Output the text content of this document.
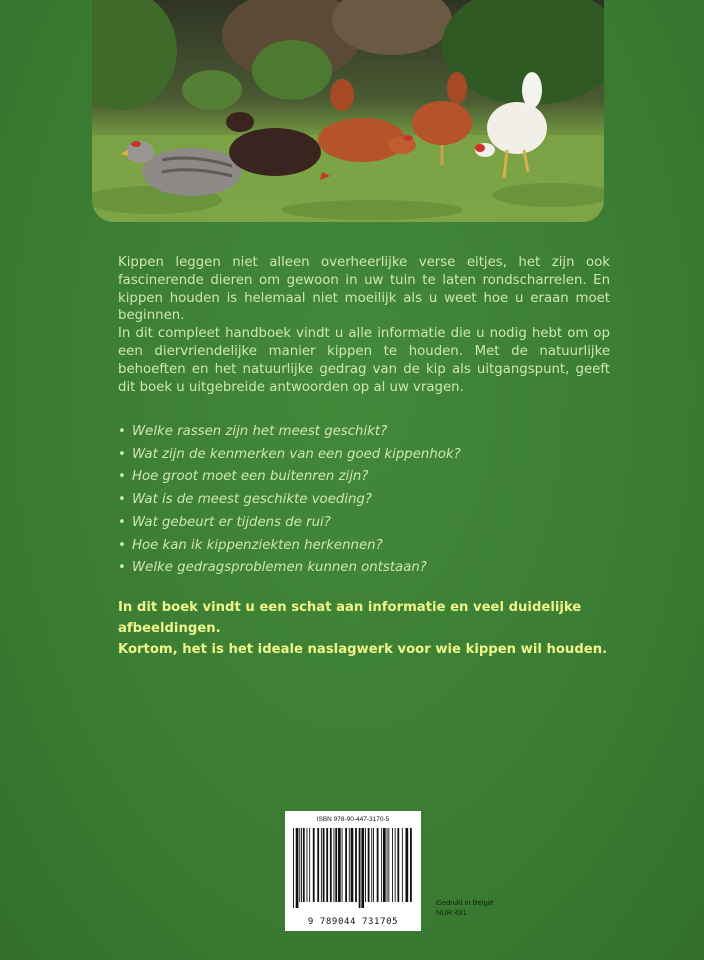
Kippen leggen niet alleen overheerlijke verse eitjes, het zijn ook fascinerende dieren om gewoon in uw tuin te laten rondscharrelen. En kippen houden is helemaal niet moeilijk als u weet hoe u eraan moet beginnen.

In dit compleet handboek vindt u alle informatie die u nodig hebt om op een diervriendelijke manier kippen te houden. Met de natuurlijke behoeften en het natuurlijke gedrag van de kip als uitgangspunt, geeft dit boek u uitgebreide antwoorden op al uw vragen.

• Welke rassen zijn het meest geschikt?
• Wat zijn de kenmerken van een goed kippenhok?
• Hoe groot moet een buitenren zijn?
• Wat is de meest geschikte voeding?
• Wat gebeurt er tijdens de rui?
• Hoe kan ik kippenziekten herkennen?
• Welke gedragsproblemen kunnen ontstaan?

In dit boek vindt u een schat aan informatie en veel duidelijke afbeeldingen.

Kortom, het is het ideale naslagwerk voor wie kippen wil houden.

ISBN 978-90-447-3170-5
9 789044 731705
Gedrukt in België
NUR 431
